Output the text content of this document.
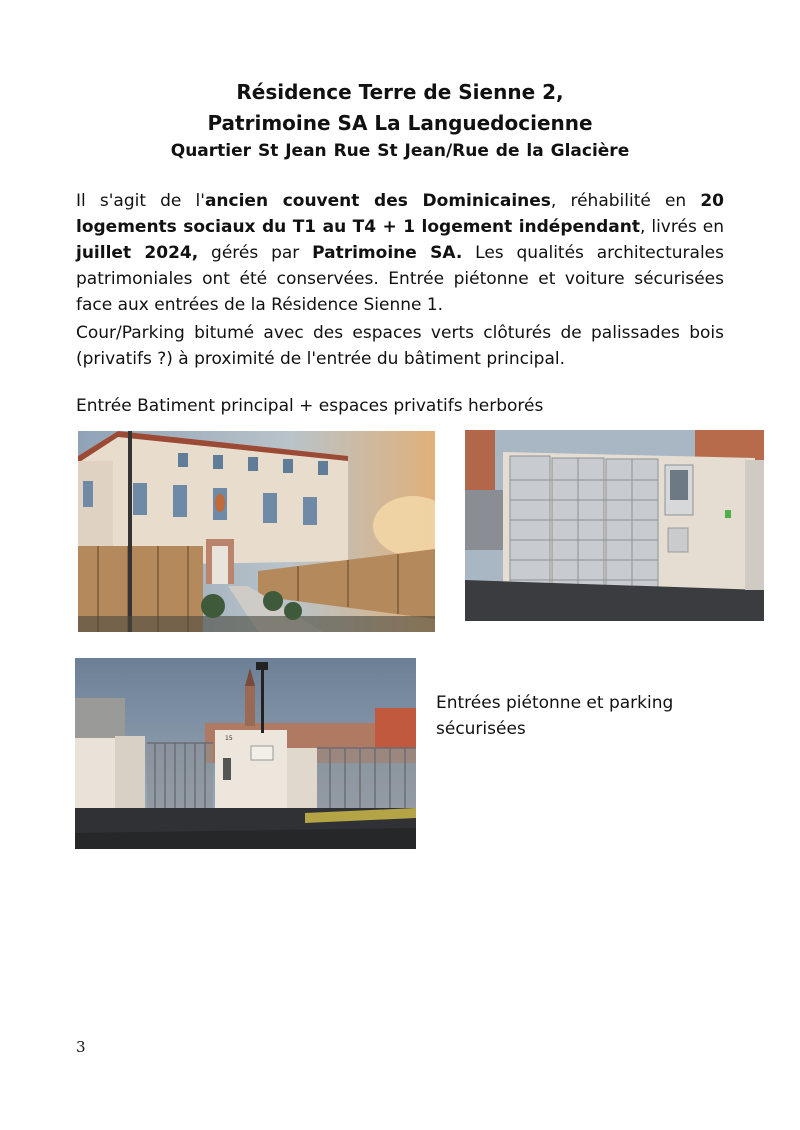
Résidence Terre de Sienne 2,
Patrimoine SA La Languedocienne
Quartier St Jean Rue St Jean/Rue de la Glacière
Il s'agit de l'ancien couvent des Dominicaines, réhabilité en 20 logements sociaux du T1 au T4 + 1 logement indépendant, livrés en juillet 2024, gérés par Patrimoine SA. Les qualités architecturales patrimoniales ont été conservées. Entrée piétonne et voiture sécurisées face aux entrées de la Résidence Sienne 1.
Cour/Parking bitumé avec des espaces verts clôturés de palissades bois (privatifs ?) à proximité de l'entrée du bâtiment principal.
Entrée Batiment principal + espaces privatifs herborés
15
Entrées piétonne et parking
sécurisées
3
